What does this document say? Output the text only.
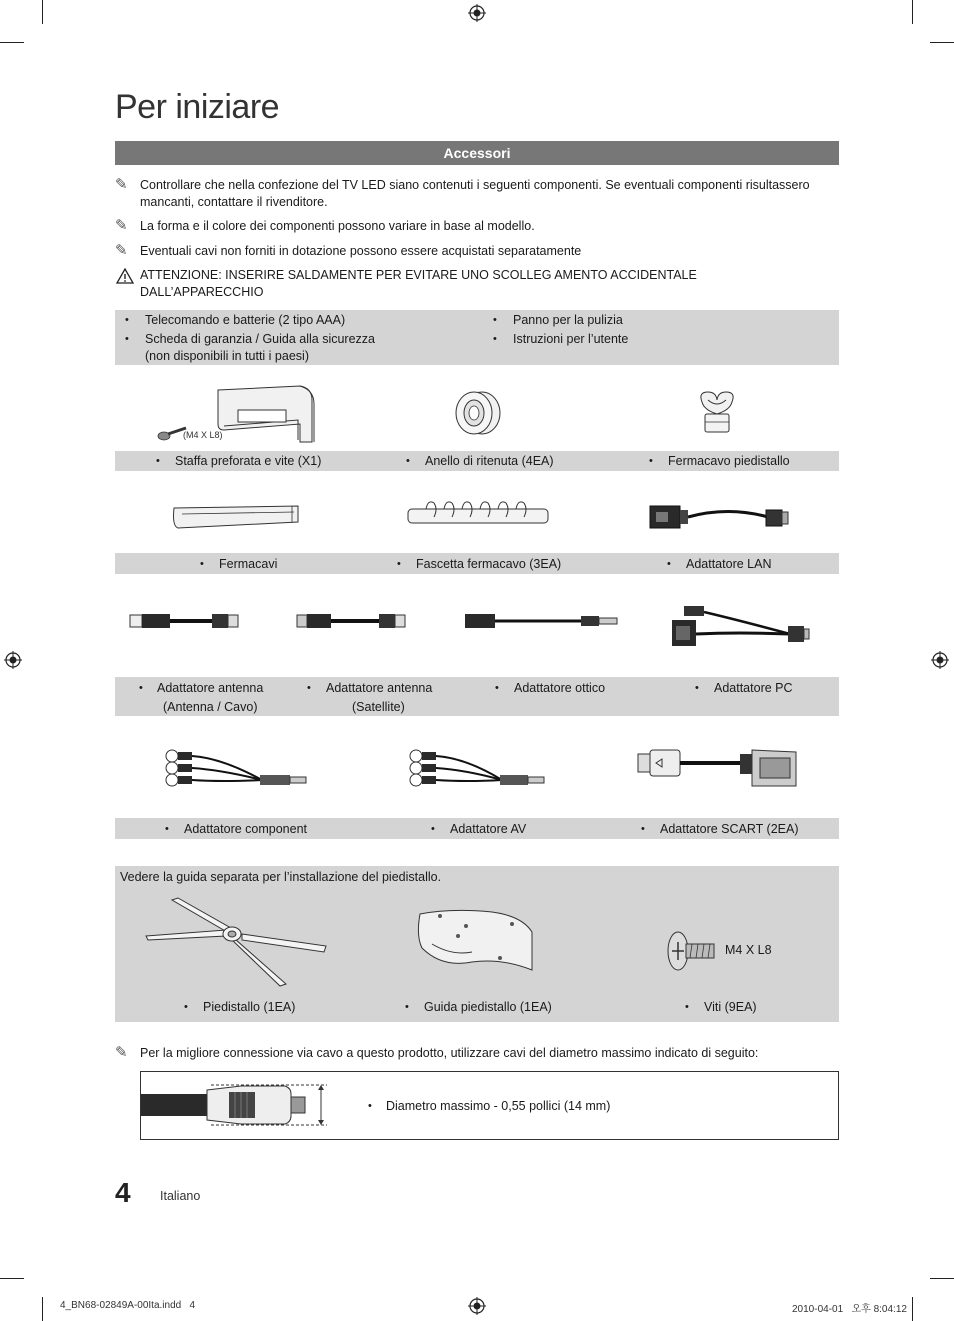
Per iniziare
Accessori
✎ Controllare che nella confezione del TV LED siano contenuti i seguenti componenti. Se eventuali componenti risultassero mancanti, contattare il rivenditore.
✎ La forma e il colore dei componenti possono variare in base al modello.
✎ Eventuali cavi non forniti in dotazione possono essere acquistati separatamente
ATTENZIONE: INSERIRE SALDAMENTE PER EVITARE UNO SCOLLEG AMENTO ACCIDENTALE DALL’APPARECCHIO
• Telecomando e batterie (2 tipo AAA)
• Scheda di garanzia / Guida alla sicurezza
(non disponibili in tutti i paesi)
• Panno per la pulizia
• Istruzioni per l’utente
(M4 X L8)
• Staffa preforata e vite (X1)	• Anello di ritenuta (4EA)	• Fermacavo piedistallo
• Fermacavi	• Fascetta fermacavo (3EA)	• Adattatore LAN
• Adattatore antenna
(Antenna / Cavo)
• Adattatore antenna
(Satellite)
• Adattatore ottico	• Adattatore PC
• Adattatore component	• Adattatore AV	• Adattatore SCART (2EA)
Vedere la guida separata per l’installazione del piedistallo.
M4 X L8
• Piedistallo (1EA)	• Guida piedistallo (1EA)	• Viti (9EA)
✎ Per la migliore connessione via cavo a questo prodotto, utilizzare cavi del diametro massimo indicato di seguito:
• Diametro massimo - 0,55 pollici (14 mm)
4 Italiano
4_BN68-02849A-00Ita.indd   4	2010-04-01   오후 8:04:12
